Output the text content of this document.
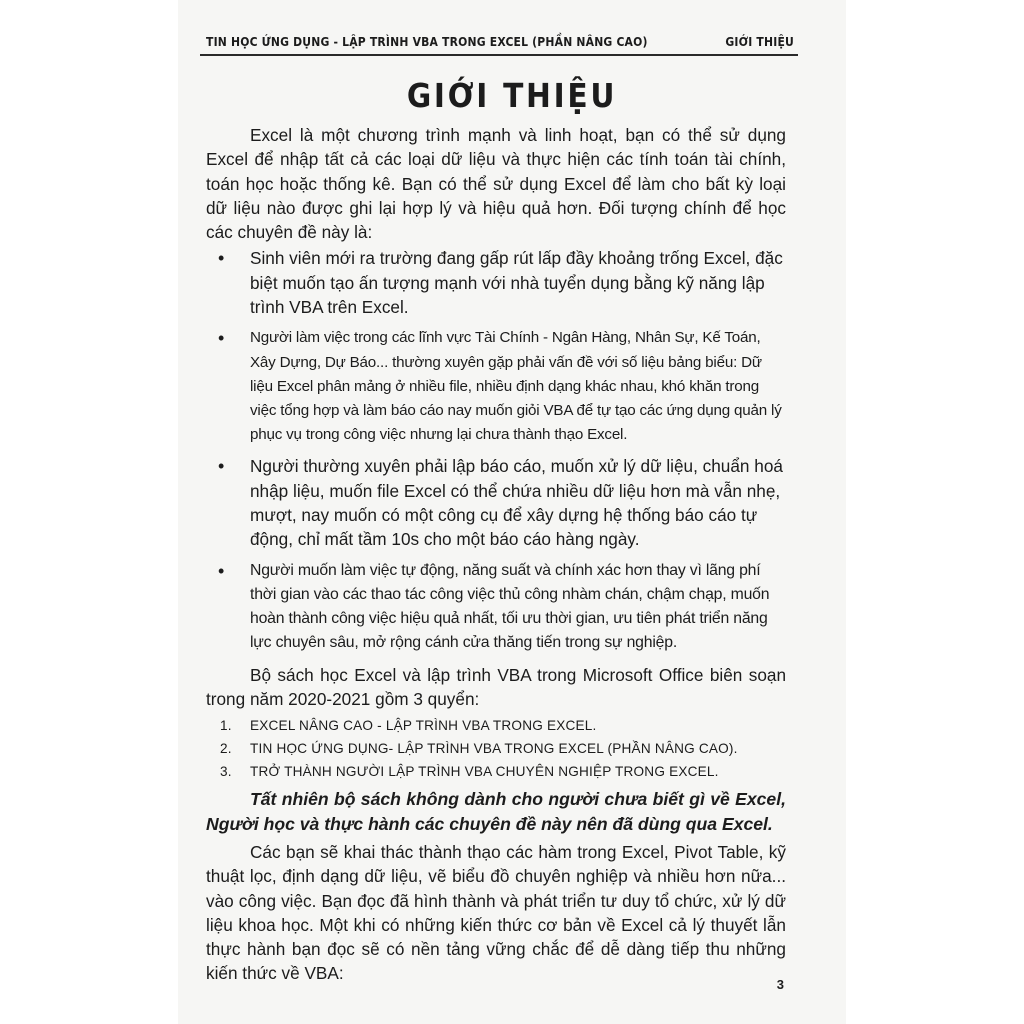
TIN HỌC ỨNG DỤNG - LẬP TRÌNH VBA TRONG EXCEL (PHẦN NÂNG CAO)	GIỚI THIỆU
GIỚI THIỆU

Excel là một chương trình mạnh và linh hoạt, bạn có thể sử dụng Excel để nhập tất cả các loại dữ liệu và thực hiện các tính toán tài chính, toán học hoặc thống kê. Bạn có thể sử dụng Excel để làm cho bất kỳ loại dữ liệu nào được ghi lại hợp lý và hiệu quả hơn. Đối tượng chính để học các chuyên đề này là:

• Sinh viên mới ra trường đang gấp rút lấp đầy khoảng trống Excel, đặc biệt muốn tạo ấn tượng mạnh với nhà tuyển dụng bằng kỹ năng lập trình VBA trên Excel.
• Người làm việc trong các lĩnh vực Tài Chính - Ngân Hàng, Nhân Sự, Kế Toán, Xây Dựng, Dự Báo... thường xuyên gặp phải vấn đề với số liệu bảng biểu: Dữ liệu Excel phân mảng ở nhiều file, nhiều định dạng khác nhau, khó khăn trong việc tổng hợp và làm báo cáo nay muốn giỏi VBA để tự tạo các ứng dụng quản lý phục vụ trong công việc nhưng lại chưa thành thạo Excel.
• Người thường xuyên phải lập báo cáo, muốn xử lý dữ liệu, chuẩn hoá nhập liệu, muốn file Excel có thể chứa nhiều dữ liệu hơn mà vẫn nhẹ, mượt, nay muốn có một công cụ để xây dựng hệ thống báo cáo tự động, chỉ mất tầm 10s cho một báo cáo hàng ngày.
• Người muốn làm việc tự động, năng suất và chính xác hơn thay vì lãng phí thời gian vào các thao tác công việc thủ công nhàm chán, chậm chạp, muốn hoàn thành công việc hiệu quả nhất, tối ưu thời gian, ưu tiên phát triển năng lực chuyên sâu, mở rộng cánh cửa thăng tiến trong sự nghiệp.

Bộ sách học Excel và lập trình VBA trong Microsoft Office biên soạn trong năm 2020-2021 gồm 3 quyển:

1. EXCEL NÂNG CAO - LẬP TRÌNH VBA TRONG EXCEL.
2. TIN HỌC ỨNG DỤNG- LẬP TRÌNH VBA TRONG EXCEL (PHẦN NÂNG CAO).
3. TRỞ THÀNH NGƯỜI LẬP TRÌNH VBA CHUYÊN NGHIỆP TRONG EXCEL.

Tất nhiên bộ sách không dành cho người chưa biết gì về Excel, Người học và thực hành các chuyên đề này nên đã dùng qua Excel.

Các bạn sẽ khai thác thành thạo các hàm trong Excel, Pivot Table, kỹ thuật lọc, định dạng dữ liệu, vẽ biểu đồ chuyên nghiệp và nhiều hơn nữa... vào công việc. Bạn đọc đã hình thành và phát triển tư duy tổ chức, xử lý dữ liệu khoa học. Một khi có những kiến thức cơ bản về Excel cả lý thuyết lẫn thực hành bạn đọc sẽ có nền tảng vững chắc để dễ dàng tiếp thu những kiến thức về VBA:

3
